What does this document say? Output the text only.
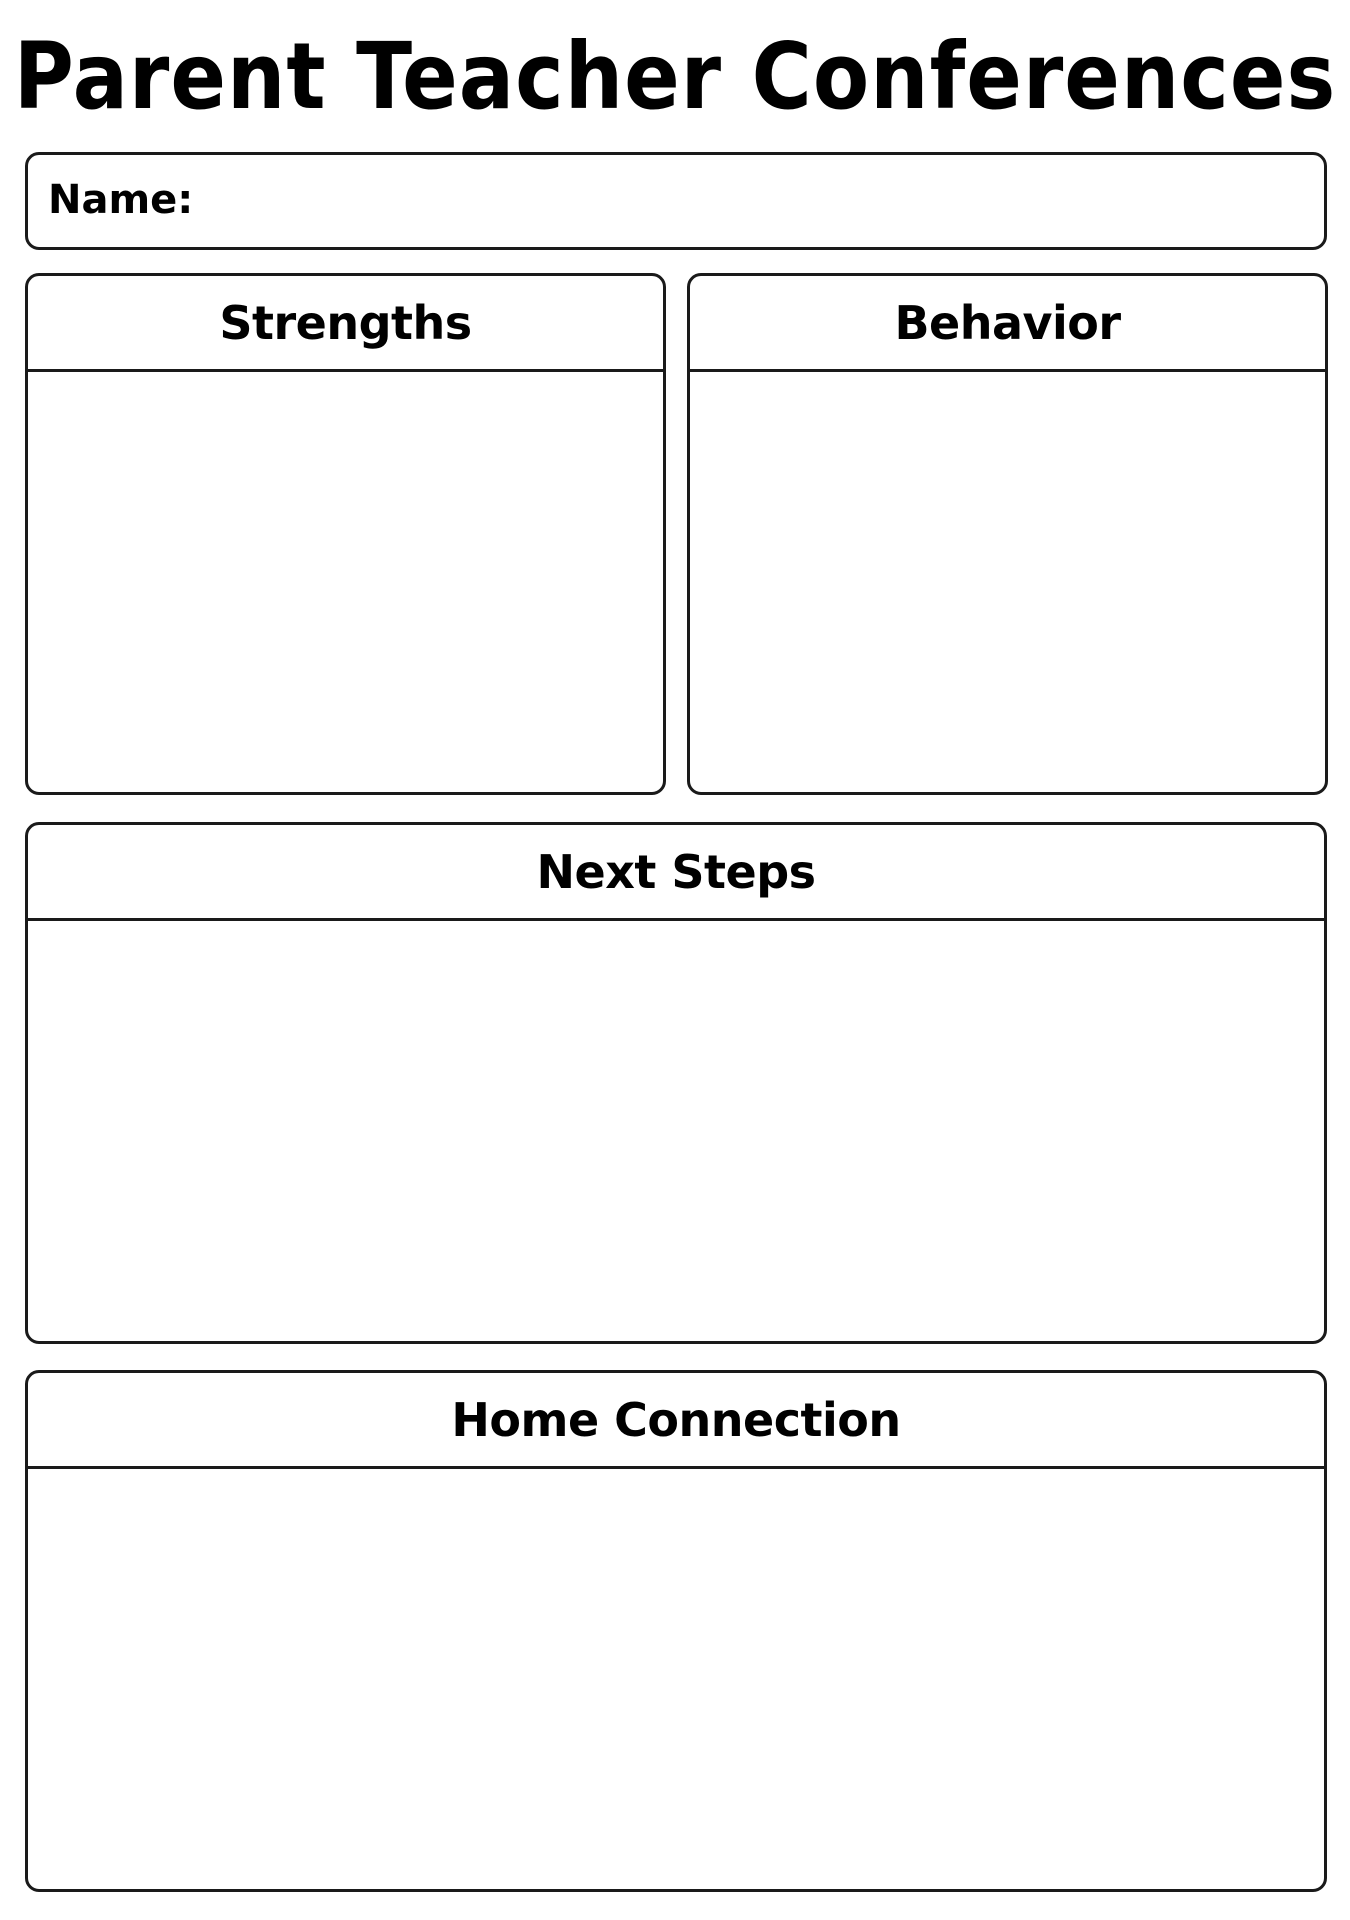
Parent Teacher Conferences
Name:
Strengths	Behavior
Next Steps
Home Connection
